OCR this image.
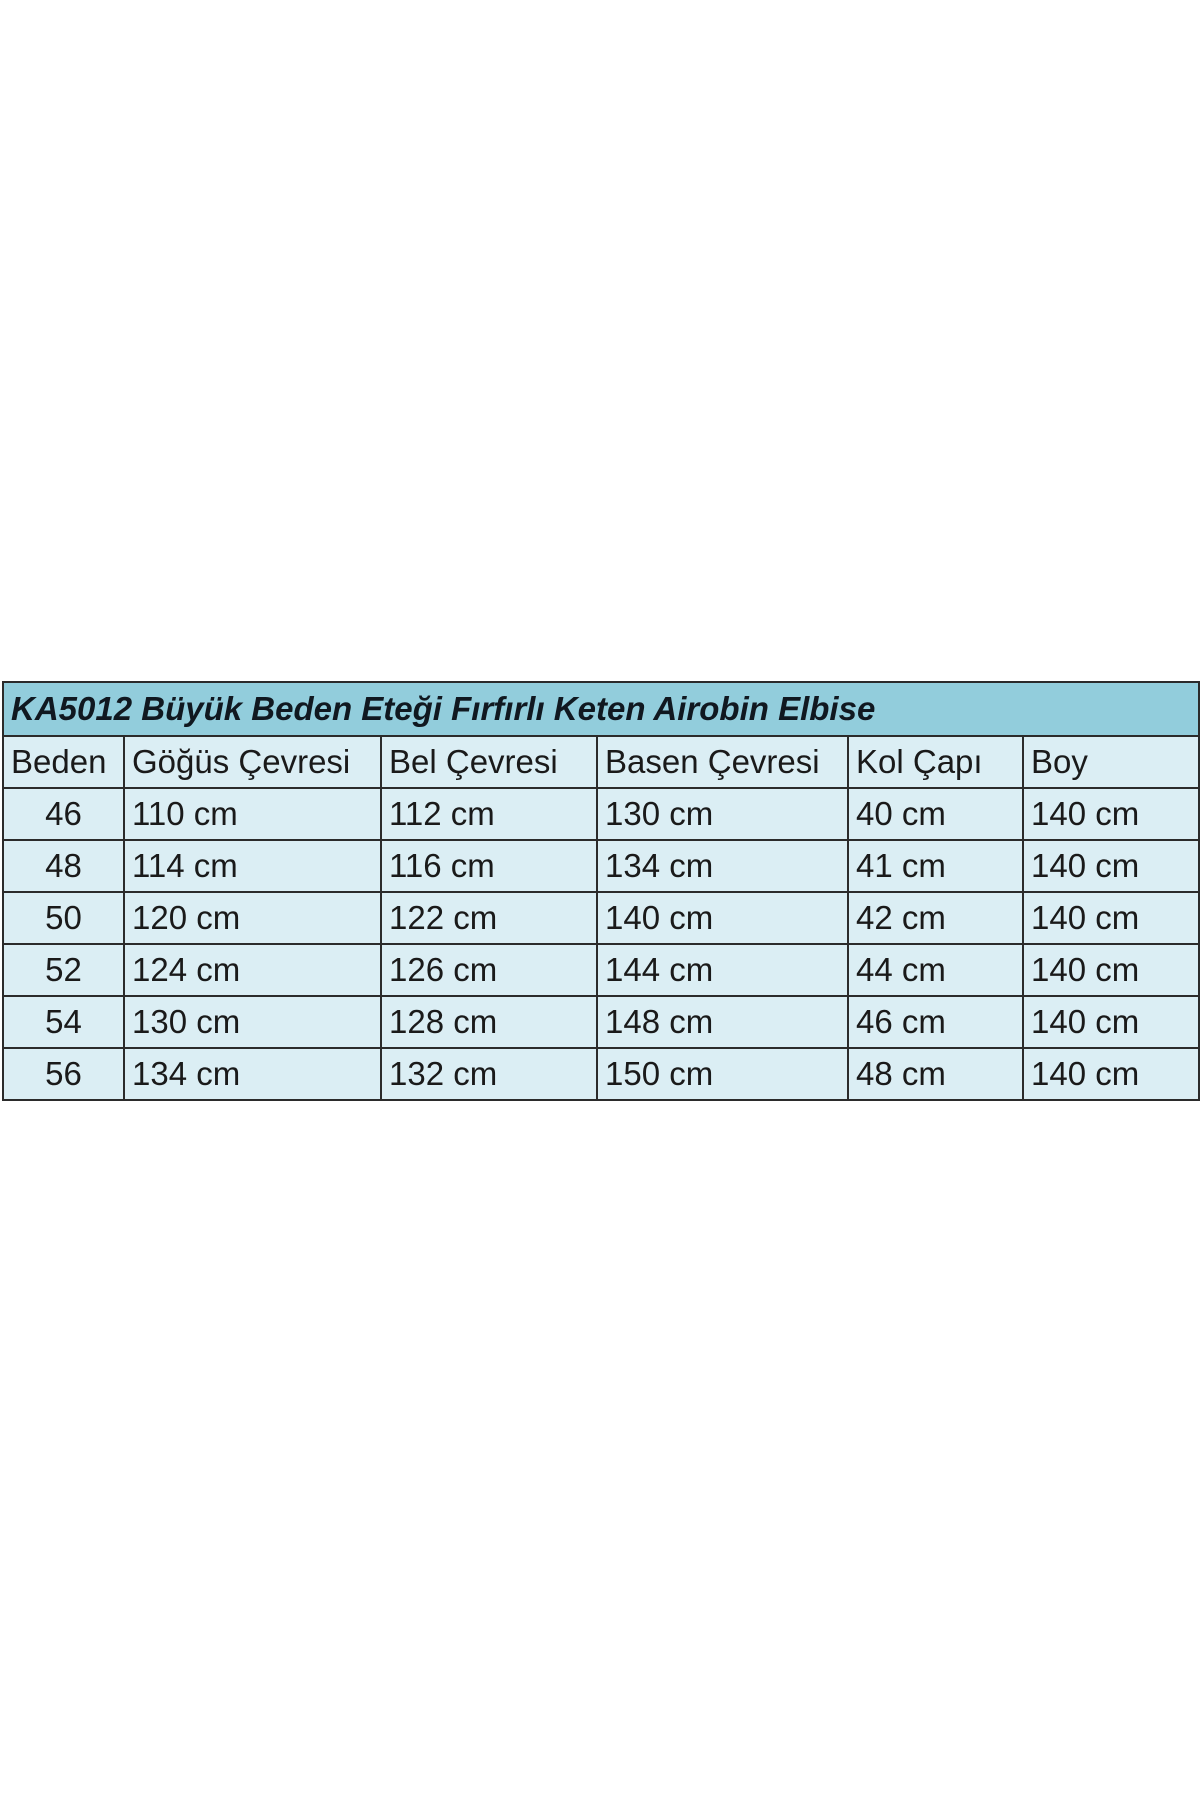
KA5012 Büyük Beden Eteği Fırfırlı Keten Airobin Elbise					
Beden	Göğüs Çevresi	Bel Çevresi	Basen Çevresi	Kol Çapı	Boy
46	110 cm	112 cm	130 cm	40 cm	140 cm
48	114 cm	116 cm	134 cm	41 cm	140 cm
50	120 cm	122 cm	140 cm	42 cm	140 cm
52	124 cm	126 cm	144 cm	44 cm	140 cm
54	130 cm	128 cm	148 cm	46 cm	140 cm
56	134 cm	132 cm	150 cm	48 cm	140 cm
